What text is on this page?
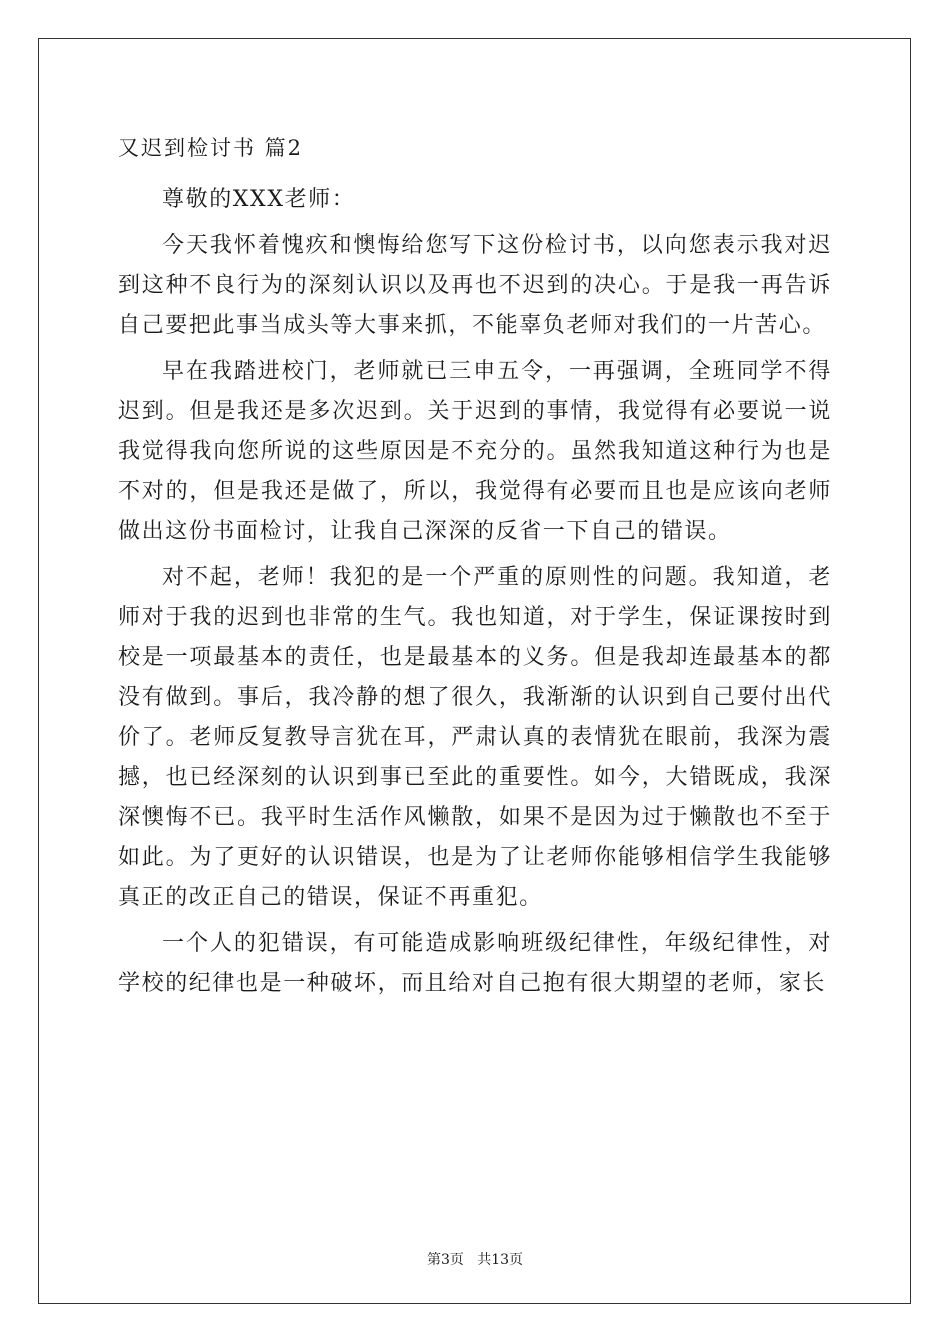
又迟到检讨书 篇2

尊敬的XXX老师：

今天我怀着愧疚和懊悔给您写下这份检讨书，以向您表示我对迟到这种不良行为的深刻认识以及再也不迟到的决心。于是我一再告诉自己要把此事当成头等大事来抓，不能辜负老师对我们的一片苦心。

早在我踏进校门，老师就已三申五令，一再强调，全班同学不得迟到。但是我还是多次迟到。关于迟到的事情，我觉得有必要说一说我觉得我向您所说的这些原因是不充分的。虽然我知道这种行为也是不对的，但是我还是做了，所以，我觉得有必要而且也是应该向老师做出这份书面检讨，让我自己深深的反省一下自己的错误。

对不起，老师！我犯的是一个严重的原则性的问题。我知道，老师对于我的迟到也非常的生气。我也知道，对于学生，保证课按时到校是一项最基本的责任，也是最基本的义务。但是我却连最基本的都没有做到。事后，我冷静的想了很久，我渐渐的认识到自己要付出代价了。老师反复教导言犹在耳，严肃认真的表情犹在眼前，我深为震撼，也已经深刻的认识到事已至此的重要性。如今，大错既成，我深深懊悔不已。我平时生活作风懒散，如果不是因为过于懒散也不至于如此。为了更好的认识错误，也是为了让老师你能够相信学生我能够真正的改正自己的错误，保证不再重犯。

一个人的犯错误，有可能造成影响班级纪律性，年级纪律性，对学校的纪律也是一种破坏，而且给对自己抱有很大期望的老师，家长

第3页   共13页
